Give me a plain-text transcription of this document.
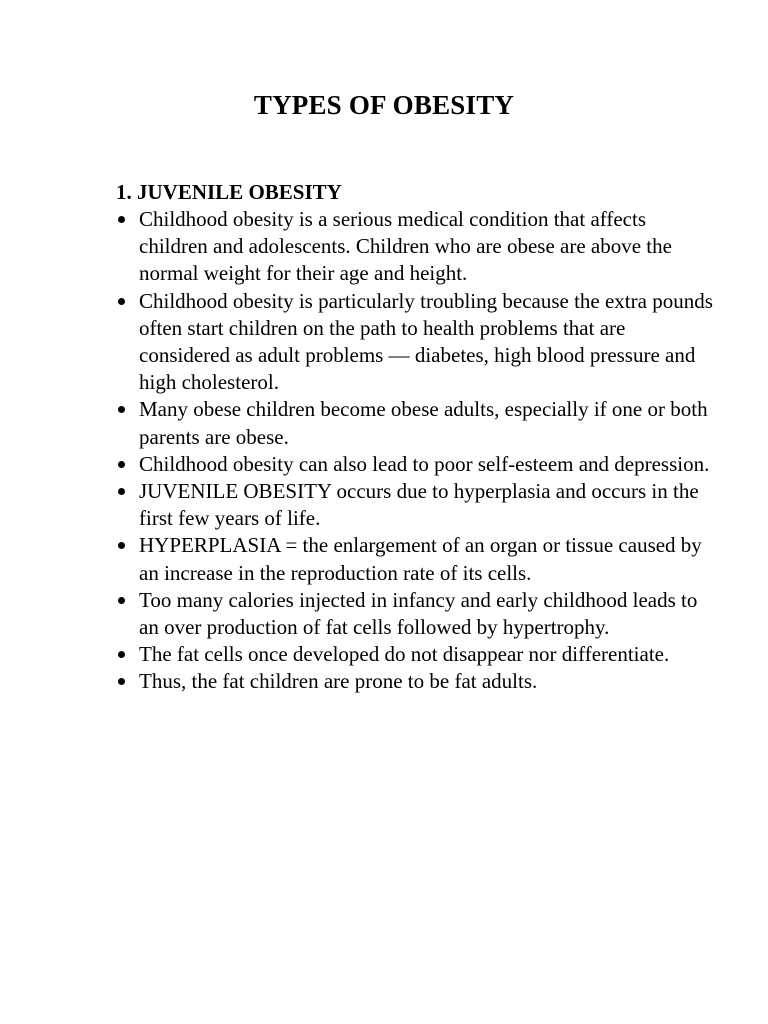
TYPES OF OBESITY
1. JUVENILE OBESITY
Childhood obesity is a serious medical condition that affects children and adolescents. Children who are obese are above the normal weight for their age and height.
Childhood obesity is particularly troubling because the extra pounds often start children on the path to health problems that are considered as adult problems — diabetes, high blood pressure and high cholesterol.
Many obese children become obese adults, especially if one or both parents are obese.
Childhood obesity can also lead to poor self-esteem and depression.
JUVENILE OBESITY occurs due to hyperplasia and occurs in the first few years of life.
HYPERPLASIA = the enlargement of an organ or tissue caused by an increase in the reproduction rate of its cells.
Too many calories injected in infancy and early childhood leads to an over production of fat cells followed by hypertrophy.
The fat cells once developed do not disappear nor differentiate.
Thus, the fat children are prone to be fat adults.
